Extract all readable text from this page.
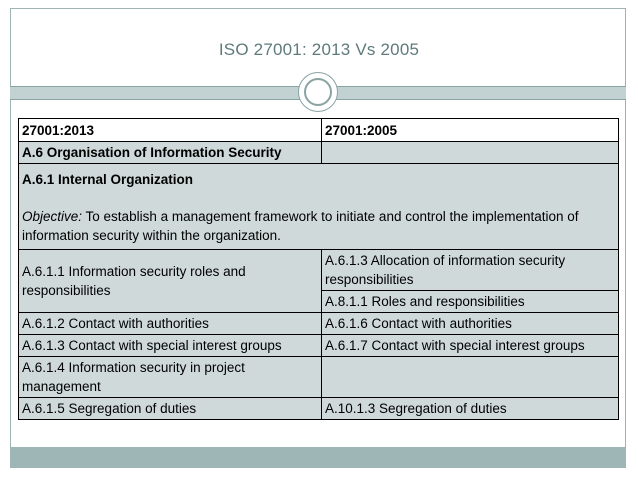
ISO 27001: 2013 Vs 2005
27001:2013	27001:2005
A.6 Organisation of Information Security	
A.6.1 Internal Organization
Objective: To establish a management framework to initiate and control the implementation of information security within the organization.	
A.6.1.1 Information security roles and responsibilities	A.6.1.3 Allocation of information security responsibilities
	A.8.1.1 Roles and responsibilities
A.6.1.2 Contact with authorities	A.6.1.6 Contact with authorities
A.6.1.3 Contact with special interest groups	A.6.1.7 Contact with special interest groups
A.6.1.4 Information security in project management	
A.6.1.5 Segregation of duties	A.10.1.3 Segregation of duties
